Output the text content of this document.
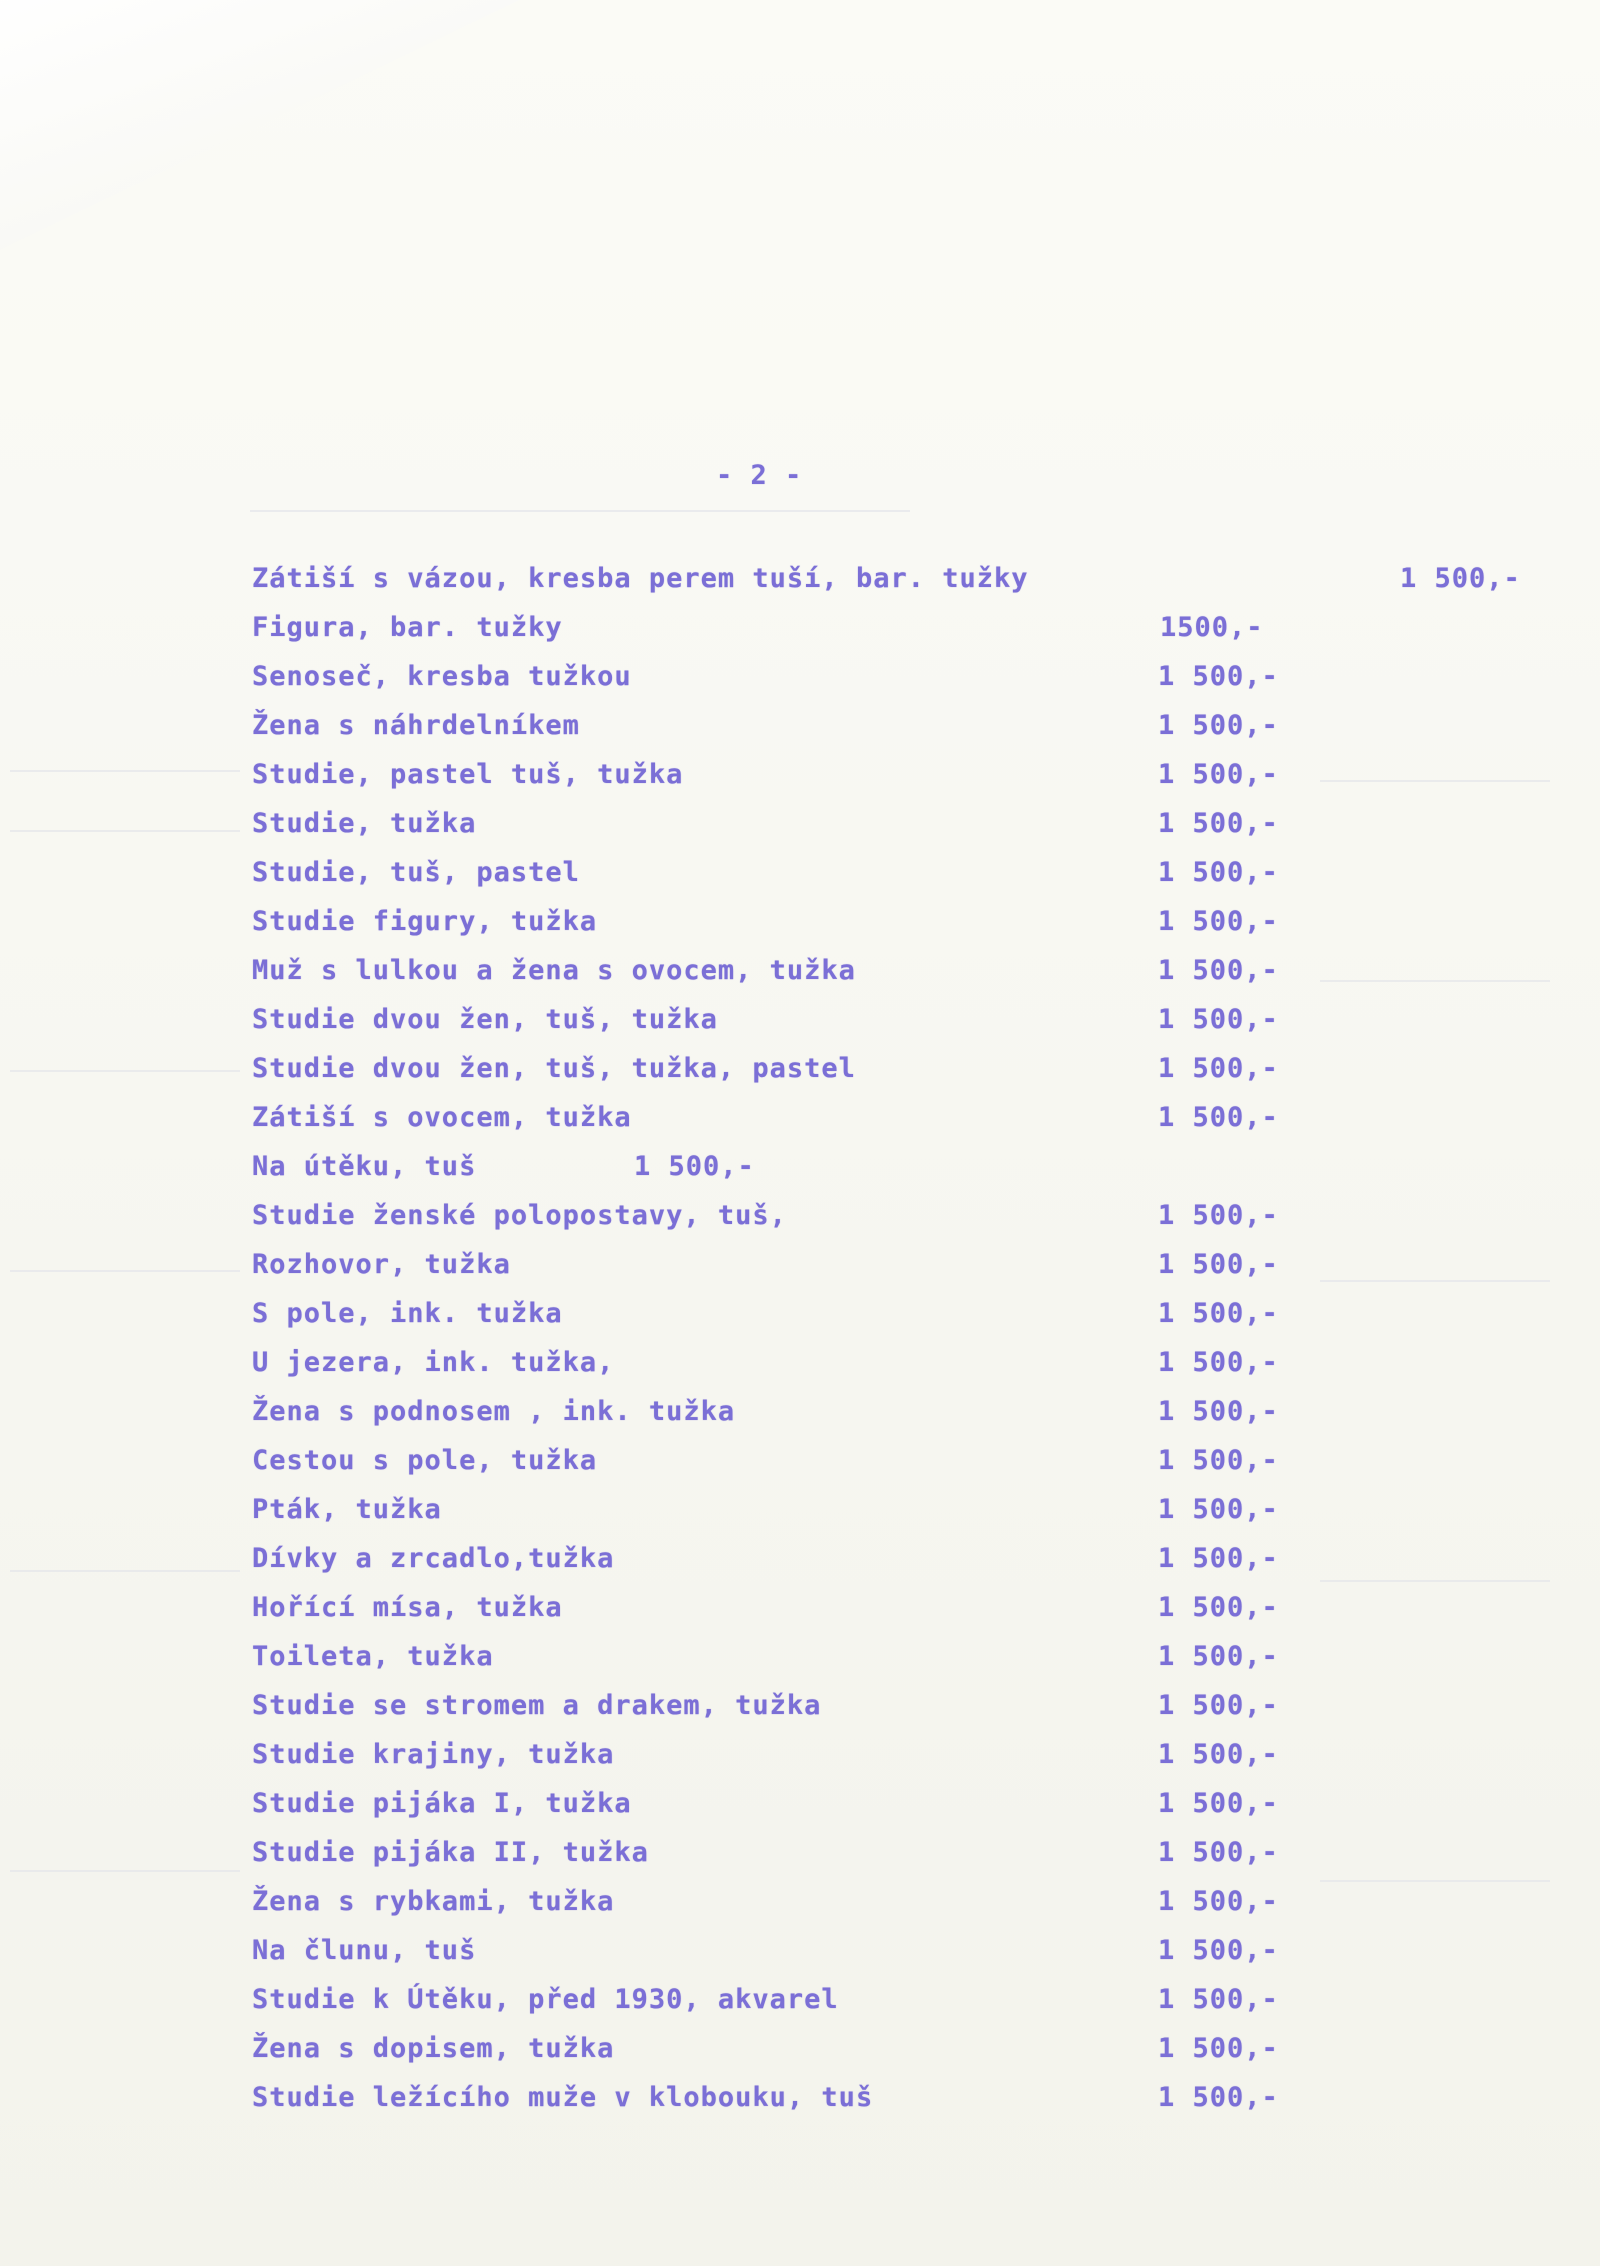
- 2 -
Zátiší s vázou, kresba perem tuší, bar. tužky	1 500,-
Figura, bar. tužky	1500,-
Senoseč, kresba tužkou	1 500,-
Žena s náhrdelníkem	1 500,-
Studie, pastel tuš, tužka	1 500,-
Studie, tužka	1 500,-
Studie, tuš, pastel	1 500,-
Studie figury, tužka	1 500,-
Muž s lulkou a žena s ovocem, tužka	1 500,-
Studie dvou žen, tuš, tužka	1 500,-
Studie dvou žen, tuš, tužka, pastel	1 500,-
Zátiší s ovocem, tužka	1 500,-
Na útěku, tuš	1 500,-
Studie ženské polopostavy, tuš,	1 500,-
Rozhovor, tužka	1 500,-
S pole, ink. tužka	1 500,-
U jezera, ink. tužka,	1 500,-
Žena s podnosem , ink. tužka	1 500,-
Cestou s pole, tužka	1 500,-
Pták, tužka	1 500,-
Dívky a zrcadlo,tužka	1 500,-
Hořící mísa, tužka	1 500,-
Toileta, tužka	1 500,-
Studie se stromem a drakem, tužka	1 500,-
Studie krajiny, tužka	1 500,-
Studie pijáka I, tužka	1 500,-
Studie pijáka II, tužka	1 500,-
Žena s rybkami, tužka	1 500,-
Na člunu, tuš	1 500,-
Studie k Útěku, před 1930, akvarel	1 500,-
Žena s dopisem, tužka	1 500,-
Studie ležícího muže v klobouku, tuš	1 500,-
